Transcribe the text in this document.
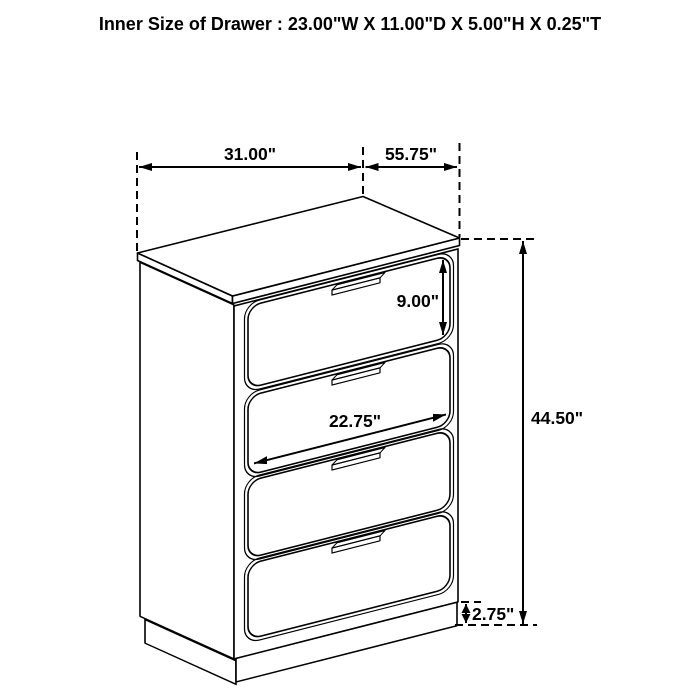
31.00"	55.75"
9.00"
22.75"	44.50"
2.75"
Inner Size of Drawer : 23.00"W X 11.00"D X 5.00"H X 0.25"T
